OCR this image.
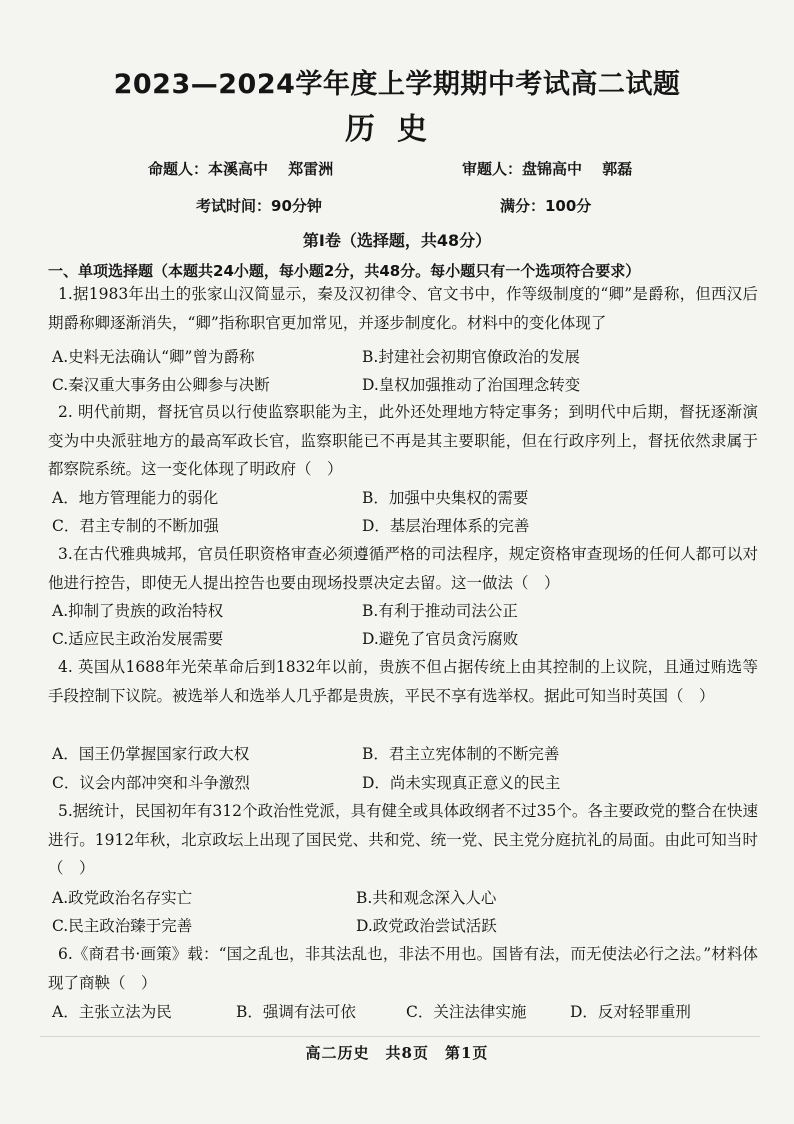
2023—2024学年度上学期期中考试高二试题
历史
命题人：本溪高中　 郑雷洲	审题人：盘锦高中　 郭磊
考试时间：90分钟	满分：100分
第Ⅰ卷（选择题，共48分）
一、单项选择题（本题共24小题，每小题2分，共48分。每小题只有一个选项符合要求）
1.据1983年出土的张家山汉简显示，秦及汉初律令、官文书中，作等级制度的“卿”是爵称，但西汉后期爵称卿逐渐消失，“卿”指称职官更加常见，并逐步制度化。材料中的变化体现了
A.史料无法确认“卿”曾为爵称	B.封建社会初期官僚政治的发展
C.秦汉重大事务由公卿参与决断	D.皇权加强推动了治国理念转变
2. 明代前期，督抚官员以行使监察职能为主，此外还处理地方特定事务；到明代中后期，督抚逐渐演变为中央派驻地方的最高军政长官，监察职能已不再是其主要职能，但在行政序列上，督抚依然隶属于都察院系统。这一变化体现了明政府（　）
A．地方管理能力的弱化	B．加强中央集权的需要
C．君主专制的不断加强	D．基层治理体系的完善
3.在古代雅典城邦，官员任职资格审查必须遵循严格的司法程序，规定资格审查现场的任何人都可以对他进行控告，即使无人提出控告也要由现场投票决定去留。这一做法（　）
A.抑制了贵族的政治特权	B.有利于推动司法公正
C.适应民主政治发展需要	D.避免了官员贪污腐败
4. 英国从1688年光荣革命后到1832年以前，贵族不但占据传统上由其控制的上议院，且通过贿选等手段控制下议院。被选举人和选举人几乎都是贵族，平民不享有选举权。据此可知当时英国（　）
A．国王仍掌握国家行政大权	B．君主立宪体制的不断完善
C．议会内部冲突和斗争激烈	D．尚未实现真正意义的民主
5.据统计，民国初年有312个政治性党派，具有健全或具体政纲者不过35个。各主要政党的整合在快速进行。1912年秋，北京政坛上出现了国民党、共和党、统一党、民主党分庭抗礼的局面。由此可知当时（　）
A.政党政治名存实亡	B.共和观念深入人心
C.民主政治臻于完善	D.政党政治尝试活跃
6.《商君书·画策》载：“国之乱也，非其法乱也，非法不用也。国皆有法，而无使法必行之法。”材料体现了商鞅（　）
A．主张立法为民	B．强调有法可依	C．关注法律实施	D．反对轻罪重刑
高二历史　共8页　第1页
